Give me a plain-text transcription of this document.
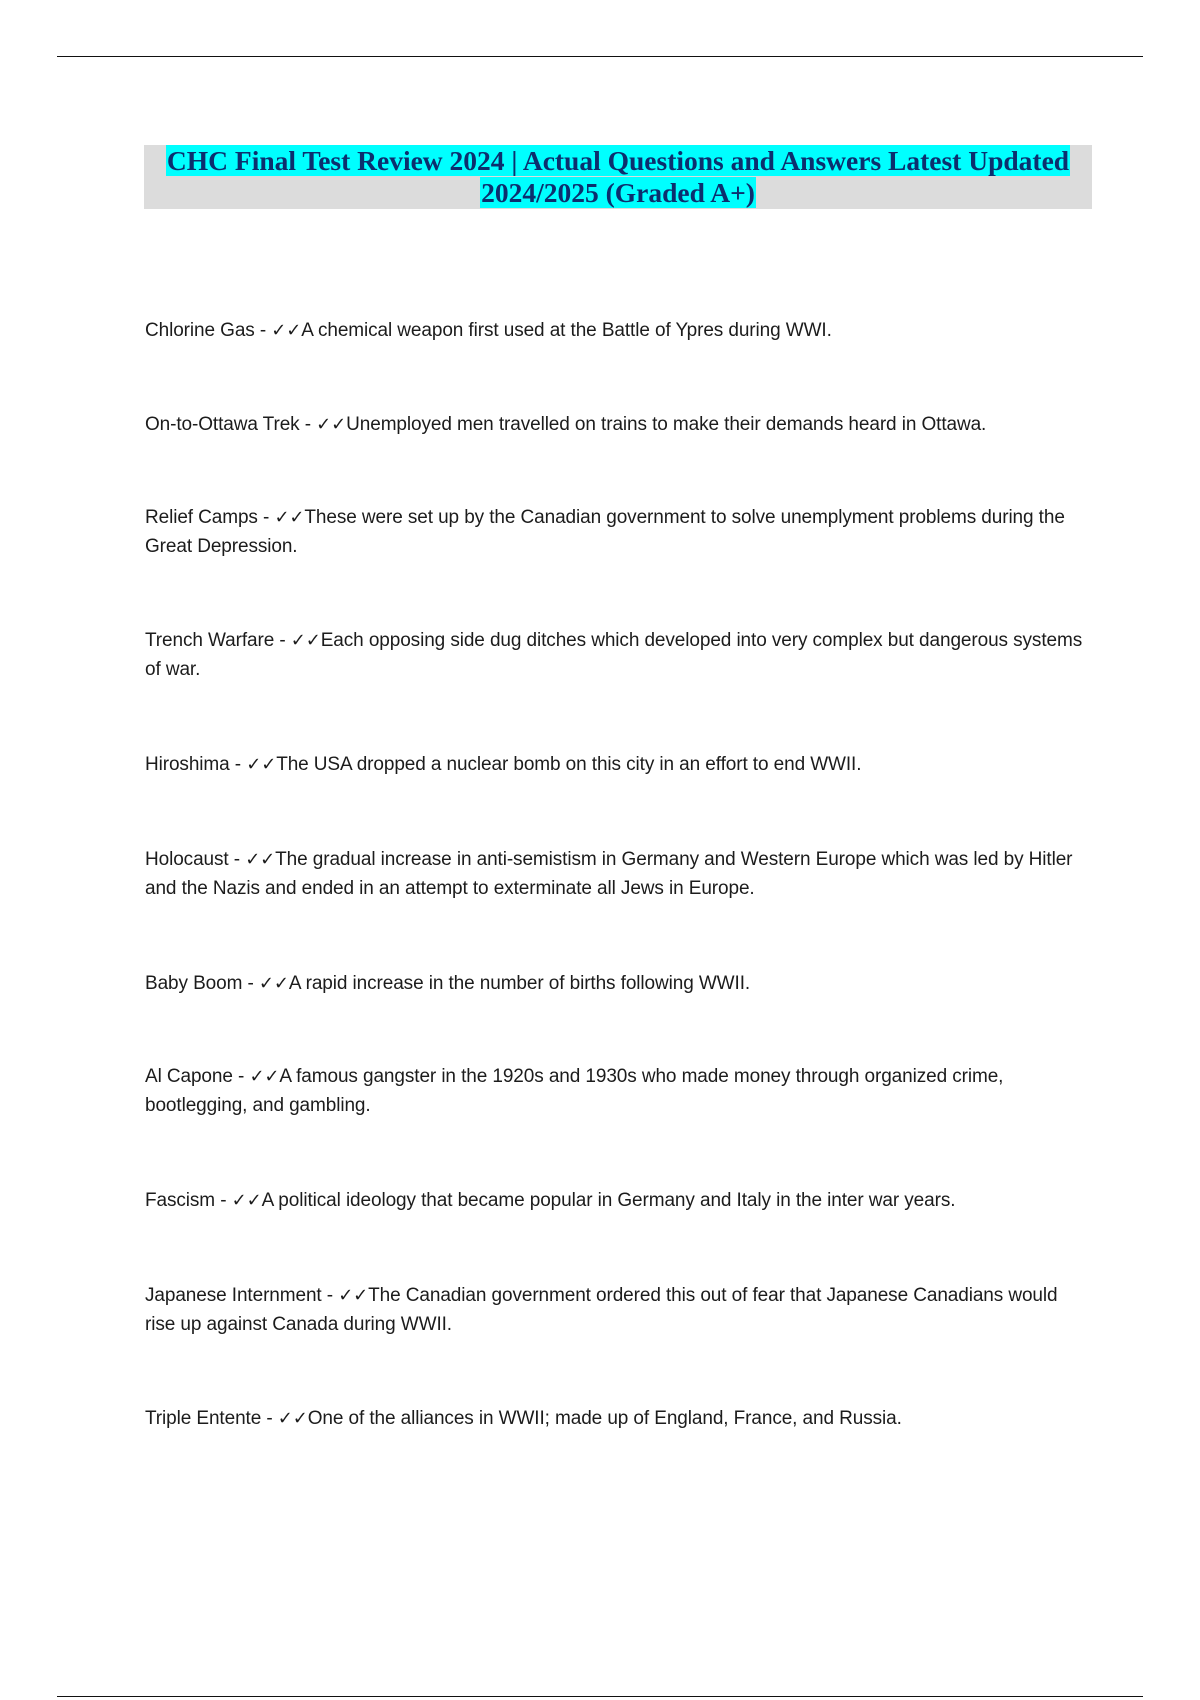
CHC Final Test Review 2024 | Actual Questions and Answers Latest Updated
2024/2025 (Graded A+)
Chlorine Gas - ✓✓A chemical weapon first used at the Battle of Ypres during WWI.
On-to-Ottawa Trek - ✓✓Unemployed men travelled on trains to make their demands heard in Ottawa.
Relief Camps - ✓✓These were set up by the Canadian government to solve unemplyment problems during the Great Depression.
Trench Warfare - ✓✓Each opposing side dug ditches which developed into very complex but dangerous systems of war.
Hiroshima - ✓✓The USA dropped a nuclear bomb on this city in an effort to end WWII.
Holocaust - ✓✓The gradual increase in anti-semistism in Germany and Western Europe which was led by Hitler and the Nazis and ended in an attempt to exterminate all Jews in Europe.
Baby Boom - ✓✓A rapid increase in the number of births following WWII.
Al Capone - ✓✓A famous gangster in the 1920s and 1930s who made money through organized crime, bootlegging, and gambling.
Fascism - ✓✓A political ideology that became popular in Germany and Italy in the inter war years.
Japanese Internment - ✓✓The Canadian government ordered this out of fear that Japanese Canadians would rise up against Canada during WWII.
Triple Entente - ✓✓One of the alliances in WWII; made up of England, France, and Russia.
